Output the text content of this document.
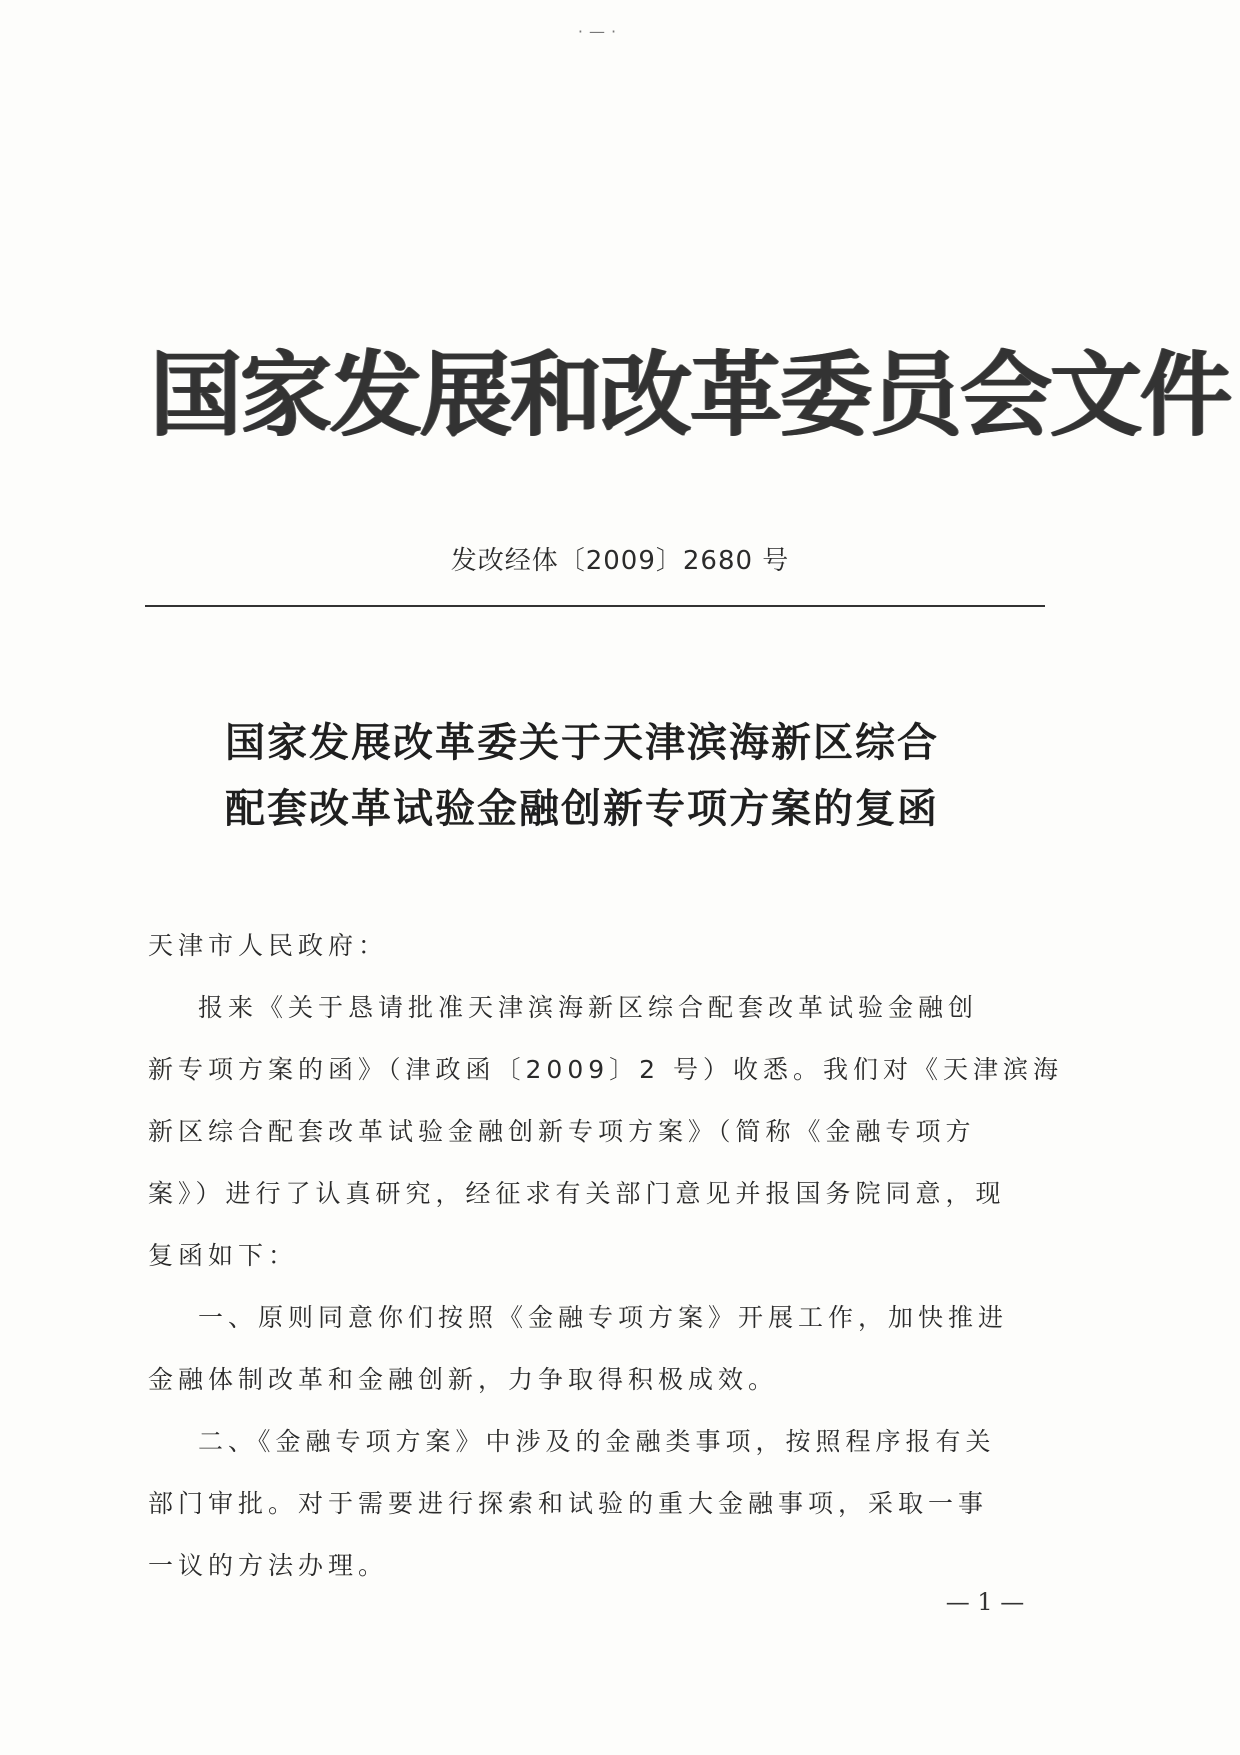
·—·
国家发展和改革委员会文件
发改经体〔2009〕2680 号
国家发展改革委关于天津滨海新区综合
配套改革试验金融创新专项方案的复函
天津市人民政府：
报来《关于恳请批准天津滨海新区综合配套改革试验金融创
新专项方案的函》（津政函〔2009〕2 号）收悉。我们对《天津滨海
新区综合配套改革试验金融创新专项方案》（简称《金融专项方
案》）进行了认真研究，经征求有关部门意见并报国务院同意，现
复函如下：
一、原则同意你们按照《金融专项方案》开展工作，加快推进
金融体制改革和金融创新，力争取得积极成效。
二、《金融专项方案》中涉及的金融类事项，按照程序报有关
部门审批。对于需要进行探索和试验的重大金融事项，采取一事
一议的方法办理。
— 1 —
